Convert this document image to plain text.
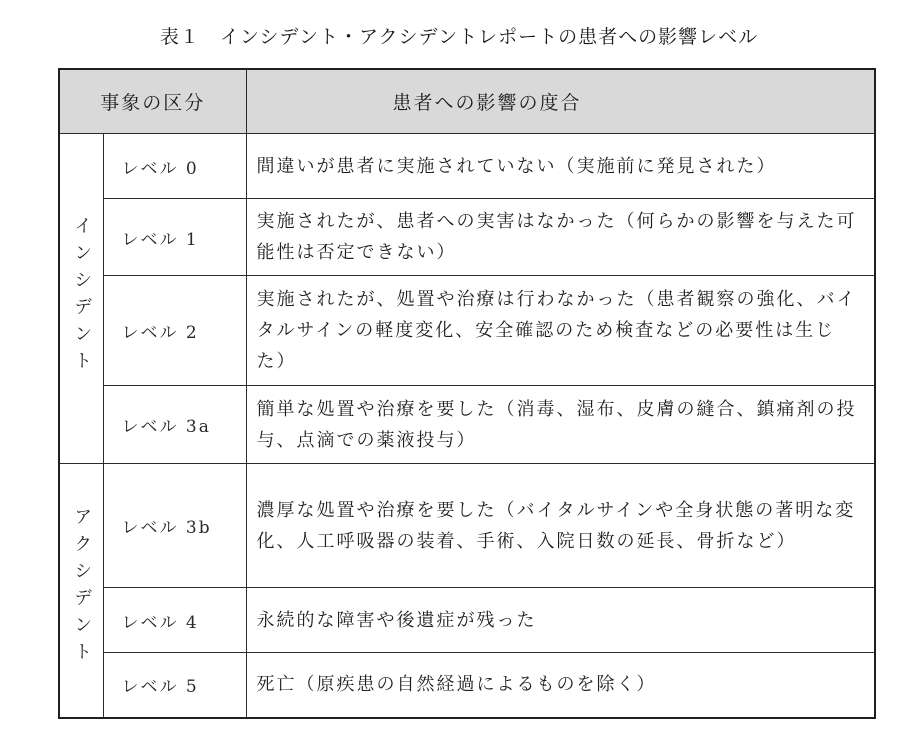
表１　インシデント・アクシデントレポートの患者への影響レベル
事象の区分		患者への影響の度合
インシデント	レベル 0	間違いが患者に実施されていない（実施前に発見された）
	レベル 1	実施されたが、患者への実害はなかった（何らかの影響を与えた可能性は否定できない）
	レベル 2	実施されたが、処置や治療は行わなかった（患者観察の強化、バイタルサインの軽度変化、安全確認のため検査などの必要性は生じた）
	レベル 3a	簡単な処置や治療を要した（消毒、湿布、皮膚の縫合、鎮痛剤の投与、点滴での薬液投与）
アクシデント	レベル 3b	濃厚な処置や治療を要した（バイタルサインや全身状態の著明な変化、人工呼吸器の装着、手術、入院日数の延長、骨折など）
	レベル 4	永続的な障害や後遺症が残った
	レベル 5	死亡（原疾患の自然経過によるものを除く）
